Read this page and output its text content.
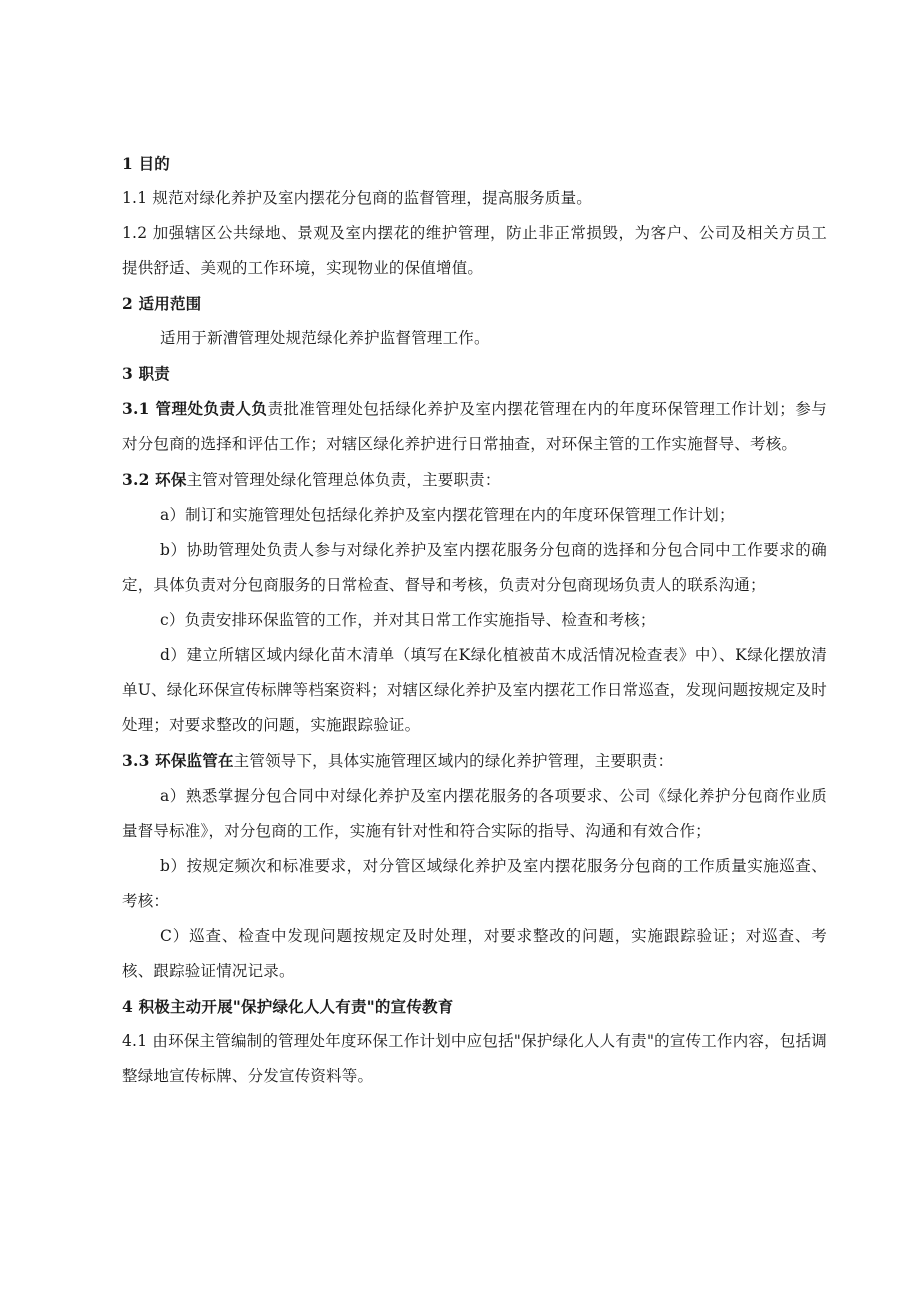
1 目的
1.1 规范对绿化养护及室内摆花分包商的监督管理，提高服务质量。
1.2 加强辖区公共绿地、景观及室内摆花的维护管理，防止非正常损毁，为客户、公司及相关方员工提供舒适、美观的工作环境，实现物业的保值增值。
2 适用范围
适用于新漕管理处规范绿化养护监督管理工作。
3 职责
3.1 管理处负责人负责批准管理处包括绿化养护及室内摆花管理在内的年度环保管理工作计划；参与对分包商的选择和评估工作；对辖区绿化养护进行日常抽查，对环保主管的工作实施督导、考核。
3.2 环保主管对管理处绿化管理总体负责，主要职责：
a）制订和实施管理处包括绿化养护及室内摆花管理在内的年度环保管理工作计划；
b）协助管理处负责人参与对绿化养护及室内摆花服务分包商的选择和分包合同中工作要求的确定，具体负责对分包商服务的日常检查、督导和考核，负责对分包商现场负责人的联系沟通；
c）负责安排环保监管的工作，并对其日常工作实施指导、检查和考核；
d）建立所辖区域内绿化苗木清单（填写在K绿化植被苗木成活情况检查表》中）、K绿化摆放清单U、绿化环保宣传标牌等档案资料；对辖区绿化养护及室内摆花工作日常巡查，发现问题按规定及时处理；对要求整改的问题，实施跟踪验证。
3.3 环保监管在主管领导下，具体实施管理区域内的绿化养护管理，主要职责：
a）熟悉掌握分包合同中对绿化养护及室内摆花服务的各项要求、公司《绿化养护分包商作业质量督导标准》，对分包商的工作，实施有针对性和符合实际的指导、沟通和有效合作；
b）按规定频次和标准要求，对分管区域绿化养护及室内摆花服务分包商的工作质量实施巡查、考核：
C）巡查、检查中发现问题按规定及时处理，对要求整改的问题，实施跟踪验证；对巡查、考核、跟踪验证情况记录。
4 积极主动开展"保护绿化人人有责"的宣传教育
4.1 由环保主管编制的管理处年度环保工作计划中应包括"保护绿化人人有责"的宣传工作内容，包括调整绿地宣传标牌、分发宣传资料等。
